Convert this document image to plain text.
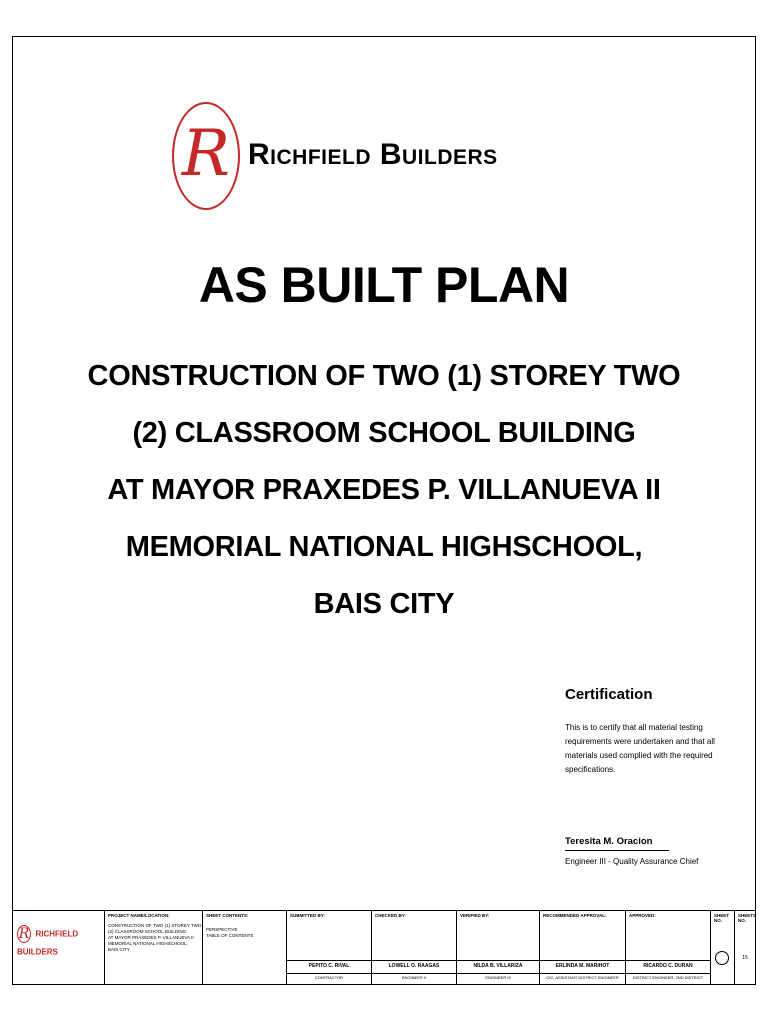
R Richfield Builders
AS BUILT PLAN
CONSTRUCTION OF TWO (1) STOREY TWO
(2) CLASSROOM SCHOOL BUILDING
AT MAYOR PRAXEDES P. VILLANUEVA II
MEMORIAL NATIONAL HIGHSCHOOL,
BAIS CITY
Certification
This is to certify that all material testing
requirements were undertaken and that all
materials used complied with the required
specifications.
Teresita M. Oracion
Engineer III - Quality Assurance Chief
R RICHFIELD BUILDERS
PROJECT NAME/LOCATION:
CONSTRUCTION OF TWO (1) STOREY TWO
(2) CLASSROOM SCHOOL BUILDING
AT MAYOR PRAXEDES P. VILLANUEVA II
MEMORIAL NATIONAL HIGHSCHOOL,
BAIS CITY
SHEET CONTENTS:
PERSPECTIVE
TABLE OF CONTENTS
SUBMITTED BY:
PEPITO C. RIVAL
CONTRACTOR
CHECKED BY:
LOWELL O. RAAGAS
ENGINEER II
VERIFIED BY:
NILDA B. VILLARIZA
ENGINEER III
RECOMMENDED APPROVAL:
ERLINDA M. MARIHOT
OIC, ASSISTANT DISTRICT ENGINEER
APPROVED:
RICARDO C. DURAN
DISTRICT ENGINEER, 2ND DISTRICT
SHEET NO.
SHEETS NO.
15
